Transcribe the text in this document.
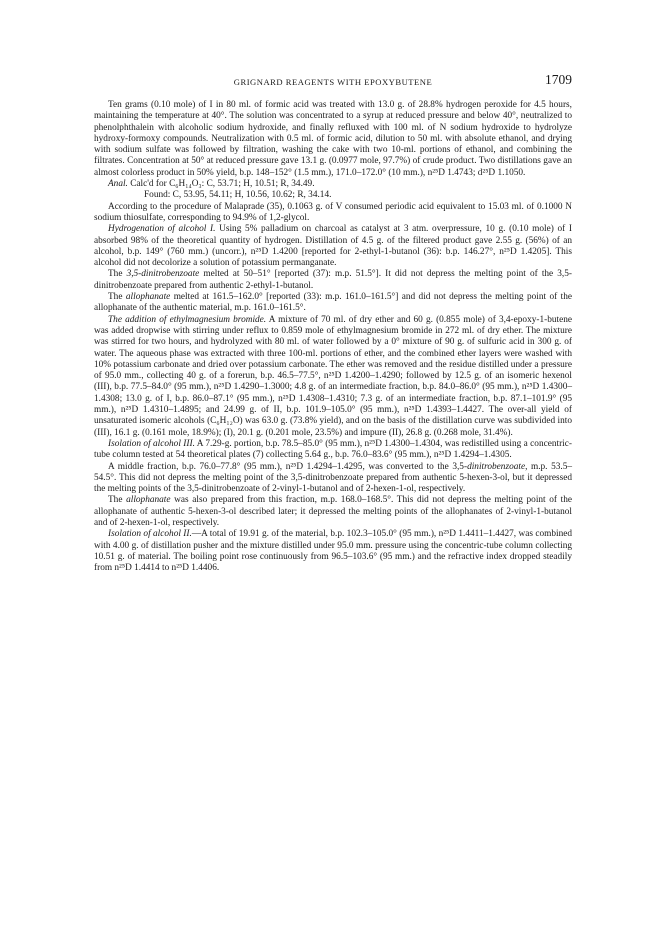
GRIGNARD REAGENTS WITH EPOXYBUTENE	1709

Ten grams (0.10 mole) of I in 80 ml. of formic acid was treated with 13.0 g. of 28.8% hydrogen peroxide for 4.5 hours, maintaining the temperature at 40°. The solution was concentrated to a syrup at reduced pressure and below 40°, neutralized to phenolphthalein with alcoholic sodium hydroxide, and finally refluxed with 100 ml. of N sodium hydroxide to hydrolyze hydroxy-formoxy compounds. Neutralization with 0.5 ml. of formic acid, dilution to 50 ml. with absolute ethanol, and drying with sodium sulfate was followed by filtration, washing the cake with two 10-ml. portions of ethanol, and combining the filtrates. Concentration at 50° at reduced pressure gave 13.1 g. (0.0977 mole, 97.7%) of crude product. Two distillations gave an almost colorless product in 50% yield, b.p. 148–152° (1.5 mm.), 171.0–172.0° (10 mm.), n²⁵D 1.4743; d²⁵D 1.1050.

Anal. Calc'd for C₆H₁₄O₃: C, 53.71; H, 10.51; R, 34.49.

Found: C, 53.95, 54.11; H, 10.56, 10.62; R, 34.14.

According to the procedure of Malaprade (35), 0.1063 g. of V consumed periodic acid equivalent to 15.03 ml. of 0.1000 N sodium thiosulfate, corresponding to 94.9% of 1,2-glycol.

Hydrogenation of alcohol I. Using 5% palladium on charcoal as catalyst at 3 atm. overpressure, 10 g. (0.10 mole) of I absorbed 98% of the theoretical quantity of hydrogen. Distillation of 4.5 g. of the filtered product gave 2.55 g. (56%) of an alcohol, b.p. 149° (760 mm.) (uncorr.), n²⁵D 1.4200 [reported for 2-ethyl-1-butanol (36): b.p. 146.27°, n²⁵D 1.4205]. This alcohol did not decolorize a solution of potassium permanganate.

The 3,5-dinitrobenzoate melted at 50–51° [reported (37): m.p. 51.5°]. It did not depress the melting point of the 3,5-dinitrobenzoate prepared from authentic 2-ethyl-1-butanol.

The allophanate melted at 161.5–162.0° [reported (33): m.p. 161.0–161.5°] and did not depress the melting point of the allophanate of the authentic material, m.p. 161.0–161.5°.

The addition of ethylmagnesium bromide. A mixture of 70 ml. of dry ether and 60 g. (0.855 mole) of 3,4-epoxy-1-butene was added dropwise with stirring under reflux to 0.859 mole of ethylmagnesium bromide in 272 ml. of dry ether. The mixture was stirred for two hours, and hydrolyzed with 80 ml. of water followed by a 0° mixture of 90 g. of sulfuric acid in 300 g. of water. The aqueous phase was extracted with three 100-ml. portions of ether, and the combined ether layers were washed with 10% potassium carbonate and dried over potassium carbonate. The ether was removed and the residue distilled under a pressure of 95.0 mm., collecting 40 g. of a forerun, b.p. 46.5–77.5°, n²⁵D 1.4200–1.4290; followed by 12.5 g. of an isomeric hexenol (III), b.p. 77.5–84.0° (95 mm.), n²⁵D 1.4290–1.3000; 4.8 g. of an intermediate fraction, b.p. 84.0–86.0° (95 mm.), n²⁵D 1.4300–1.4308; 13.0 g. of I, b.p. 86.0–87.1° (95 mm.), n²⁵D 1.4308–1.4310; 7.3 g. of an intermediate fraction, b.p. 87.1–101.9° (95 mm.), n²⁵D 1.4310–1.4895; and 24.99 g. of II, b.p. 101.9–105.0° (95 mm.), n²⁵D 1.4393–1.4427. The over-all yield of unsaturated isomeric alcohols (C₆H₁₂O) was 63.0 g. (73.8% yield), and on the basis of the distillation curve was subdivided into (III), 16.1 g. (0.161 mole, 18.9%); (I), 20.1 g. (0.201 mole, 23.5%) and impure (II), 26.8 g. (0.268 mole, 31.4%).

Isolation of alcohol III. A 7.29-g. portion, b.p. 78.5–85.0° (95 mm.), n²⁵D 1.4300–1.4304, was redistilled using a concentric-tube column tested at 54 theoretical plates (7) collecting 5.64 g., b.p. 76.0–83.6° (95 mm.), n²⁵D 1.4294–1.4305.

A middle fraction, b.p. 76.0–77.8° (95 mm.), n²⁵D 1.4294–1.4295, was converted to the 3,5-dinitrobenzoate, m.p. 53.5–54.5°. This did not depress the melting point of the 3,5-dinitrobenzoate prepared from authentic 5-hexen-3-ol, but it depressed the melting points of the 3,5-dinitrobenzoate of 2-vinyl-1-butanol and of 2-hexen-1-ol, respectively.

The allophanate was also prepared from this fraction, m.p. 168.0–168.5°. This did not depress the melting point of the allophanate of authentic 5-hexen-3-ol described later; it depressed the melting points of the allophanates of 2-vinyl-1-butanol and of 2-hexen-1-ol, respectively.

Isolation of alcohol II.—A total of 19.91 g. of the material, b.p. 102.3–105.0° (95 mm.), n²⁵D 1.4411–1.4427, was combined with 4.00 g. of distillation pusher and the mixture distilled under 95.0 mm. pressure using the concentric-tube column collecting 10.51 g. of material. The boiling point rose continuously from 96.5–103.6° (95 mm.) and the refractive index dropped steadily from n²⁵D 1.4414 to n²⁵D 1.4406.
